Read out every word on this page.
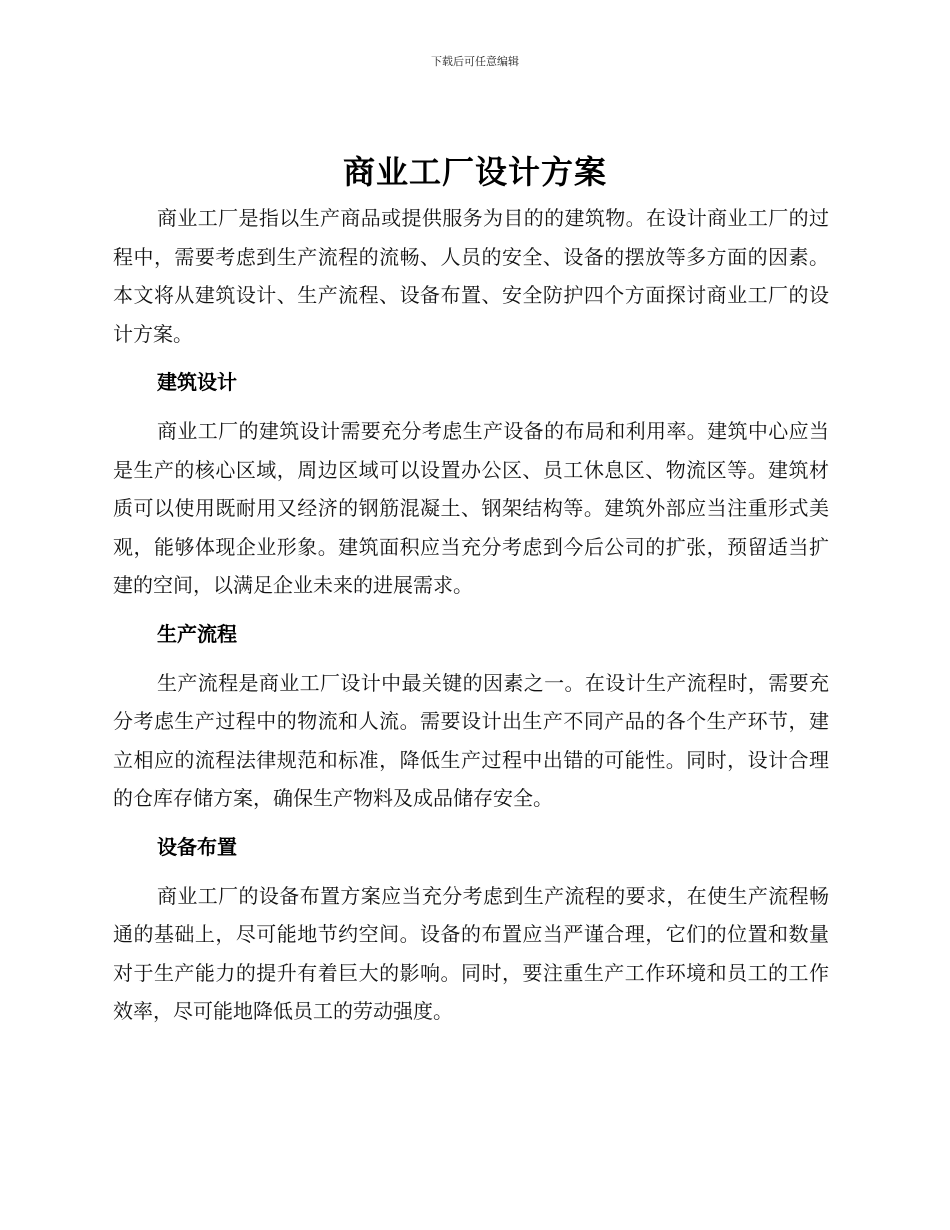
下载后可任意编辑
商业工厂设计方案

商业工厂是指以生产商品或提供服务为目的的建筑物。在设计商业工厂的过程中，需要考虑到生产流程的流畅、人员的安全、设备的摆放等多方面的因素。本文将从建筑设计、生产流程、设备布置、安全防护四个方面探讨商业工厂的设计方案。

建筑设计

商业工厂的建筑设计需要充分考虑生产设备的布局和利用率。建筑中心应当是生产的核心区域，周边区域可以设置办公区、员工休息区、物流区等。建筑材质可以使用既耐用又经济的钢筋混凝土、钢架结构等。建筑外部应当注重形式美观，能够体现企业形象。建筑面积应当充分考虑到今后公司的扩张，预留适当扩建的空间，以满足企业未来的进展需求。

生产流程

生产流程是商业工厂设计中最关键的因素之一。在设计生产流程时，需要充分考虑生产过程中的物流和人流。需要设计出生产不同产品的各个生产环节，建立相应的流程法律规范和标准，降低生产过程中出错的可能性。同时，设计合理的仓库存储方案，确保生产物料及成品储存安全。

设备布置

商业工厂的设备布置方案应当充分考虑到生产流程的要求，在使生产流程畅通的基础上，尽可能地节约空间。设备的布置应当严谨合理，它们的位置和数量对于生产能力的提升有着巨大的影响。同时，要注重生产工作环境和员工的工作效率，尽可能地降低员工的劳动强度。
